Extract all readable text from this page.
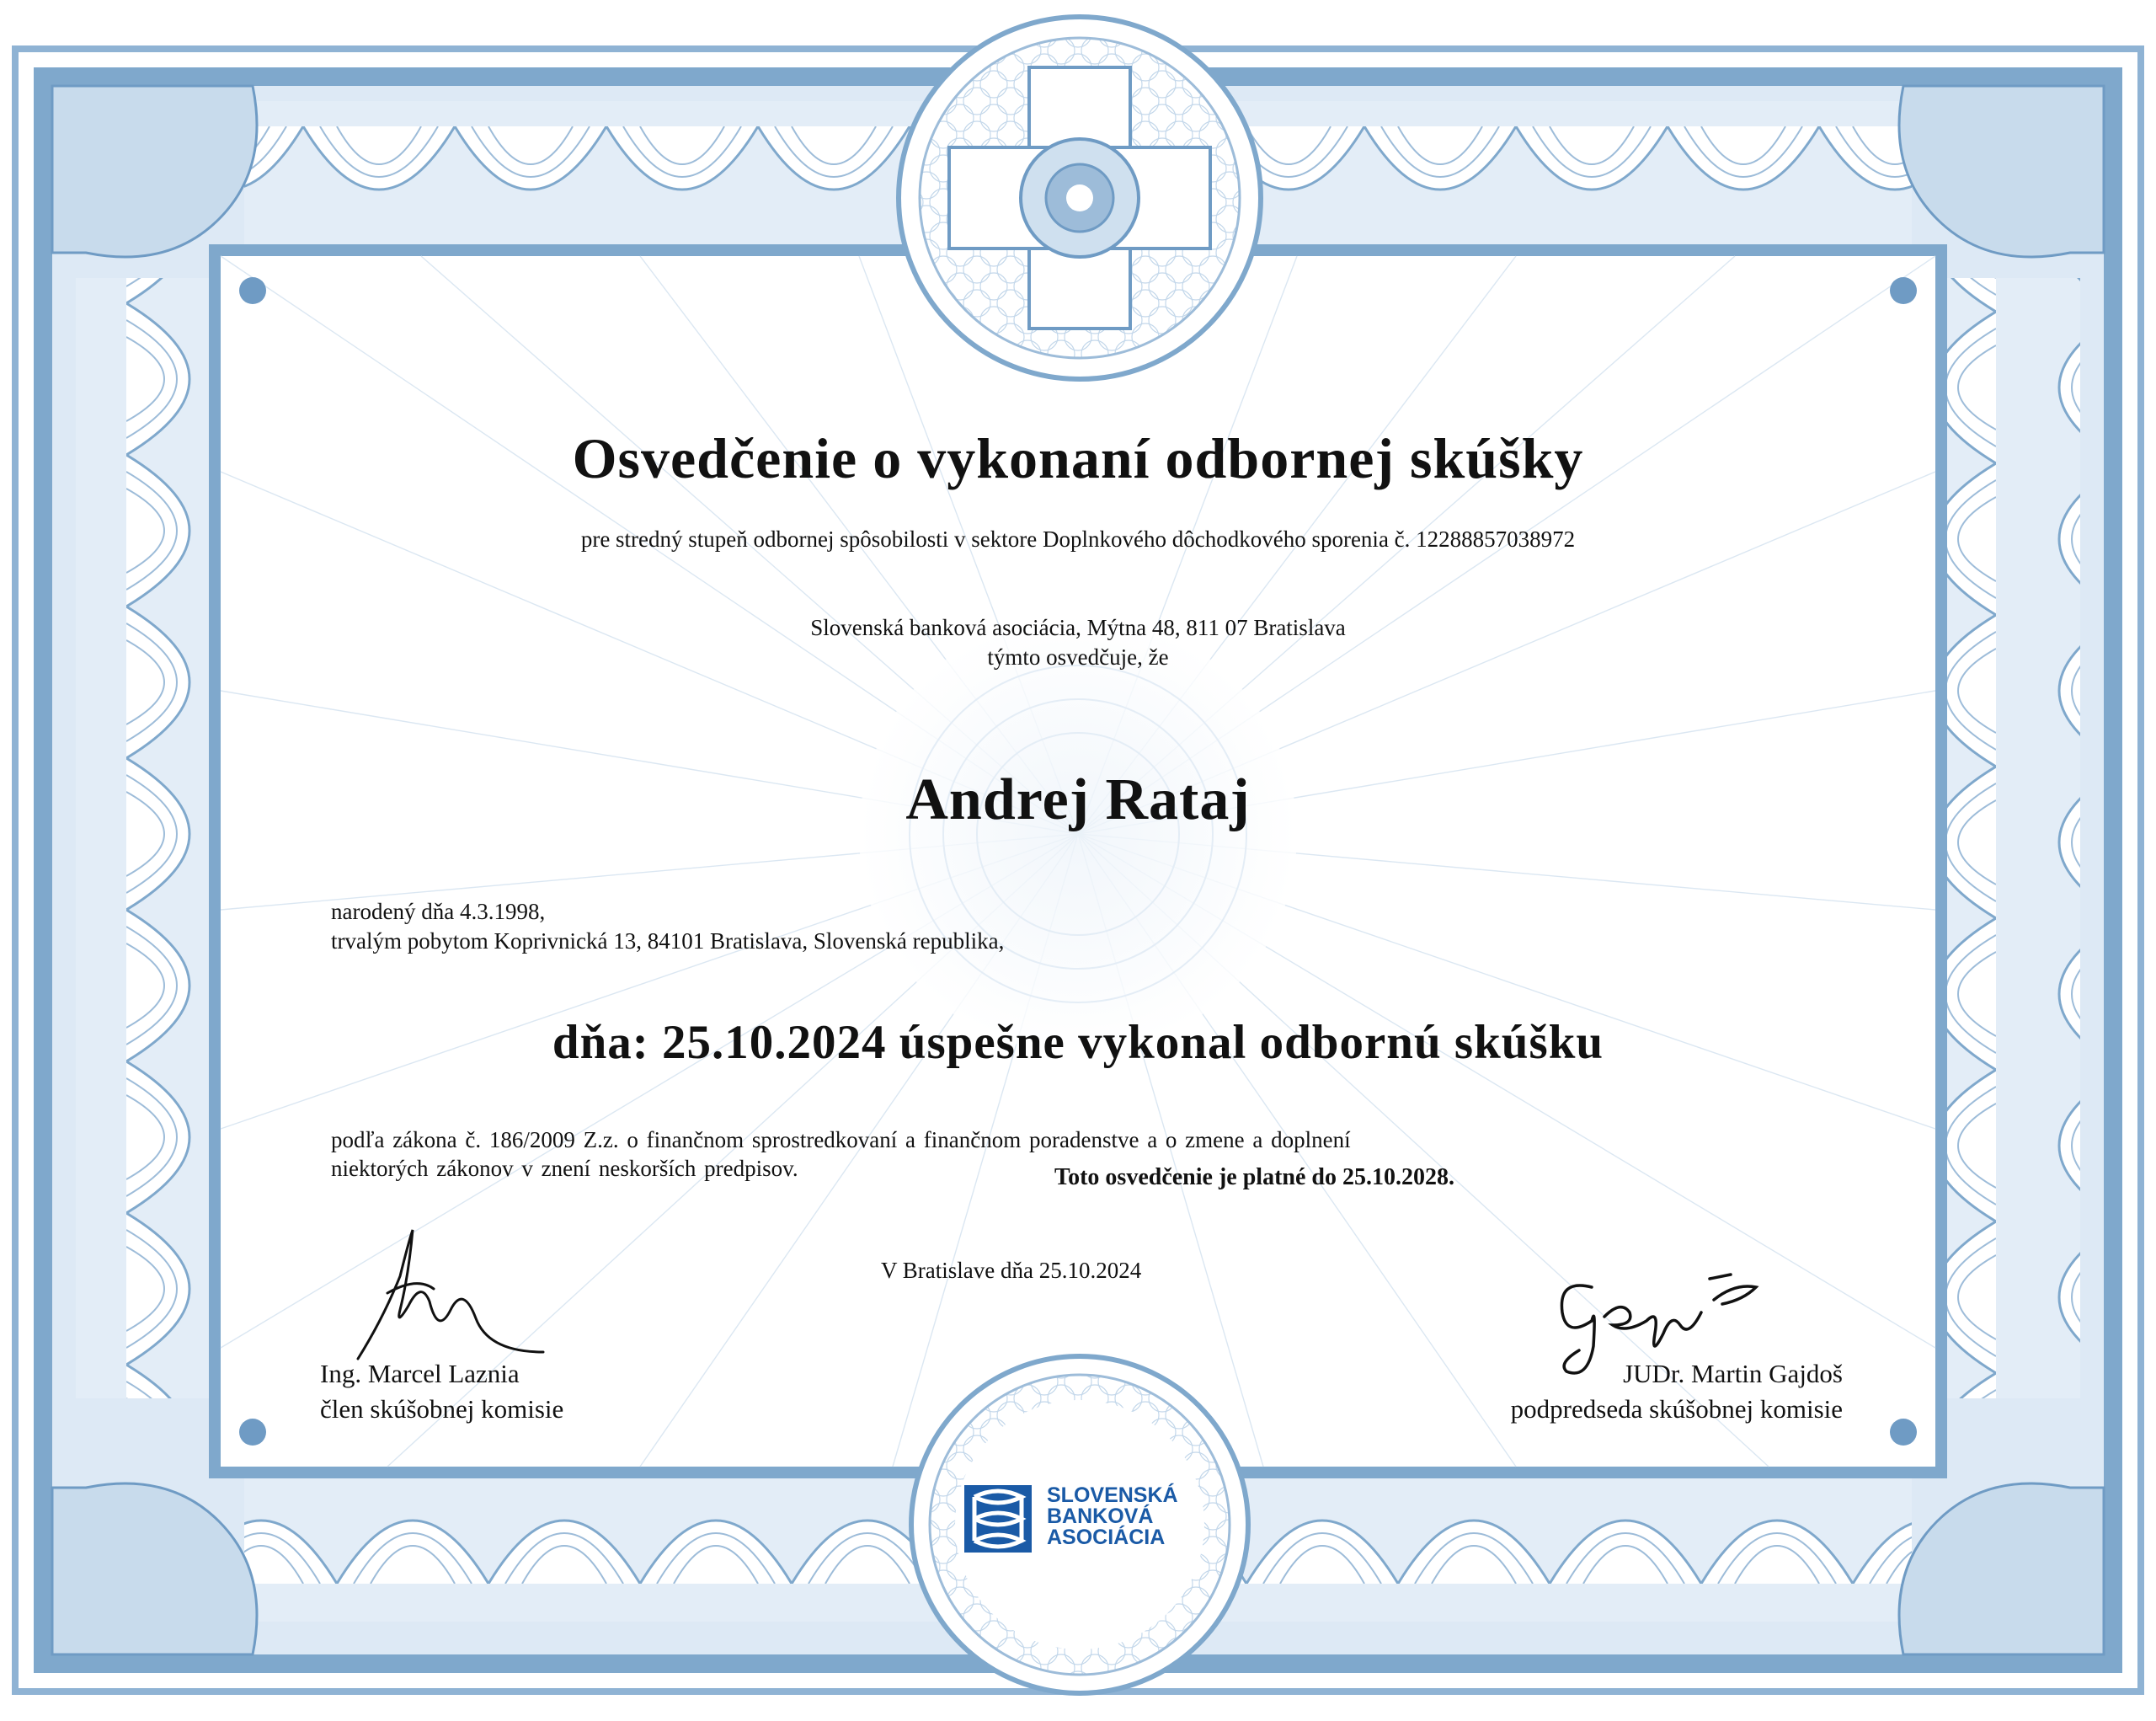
Osvedčenie o vykonaní odbornej skúšky
pre stredný stupeň odbornej spôsobilosti v sektore Doplnkového dôchodkového sporenia č. 12288857038972
Slovenská banková asociácia, Mýtna 48, 811 07 Bratislava
týmto osvedčuje, že
Andrej Rataj
narodený dňa 4.3.1998,
trvalým pobytom Koprivnická 13, 84101 Bratislava, Slovenská republika,
dňa: 25.10.2024 úspešne vykonal odbornú skúšku
podľa zákona č. 186/2009 Z.z. o finančnom sprostredkovaní a finančnom poradenstve a o zmene a doplnení
niektorých zákonov v znení neskorších predpisov.	Toto osvedčenie je platné do 25.10.2028.
V Bratislave dňa 25.10.2024
Ing. Marcel Laznia
člen skúšobnej komisie
JUDr. Martin Gajdoš
podpredseda skúšobnej komisie
SLOVENSKÁ
BANKOVÁ
ASOCIÁCIA
